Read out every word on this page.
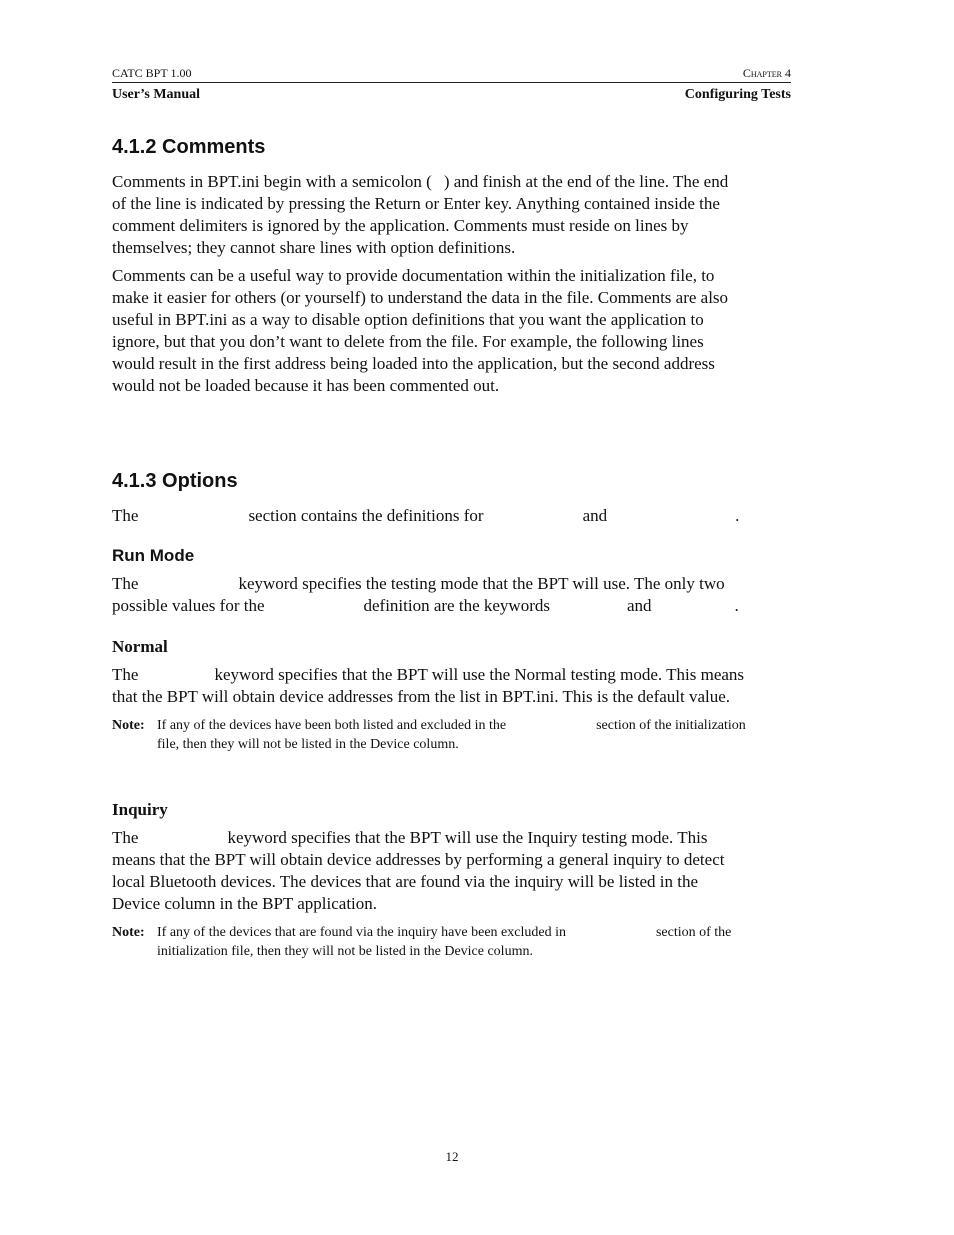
CATC BPT 1.00	Chapter 4
User’s Manual	Configuring Tests
4.1.2 Comments

Comments in BPT.ini begin with a semicolon ( ) and finish at the end of the line. The end
of the line is indicated by pressing the Return or Enter key. Anything contained inside the
comment delimiters is ignored by the application. Comments must reside on lines by
themselves; they cannot share lines with option definitions.

Comments can be a useful way to provide documentation within the initialization file, to
make it easier for others (or yourself) to understand the data in the file. Comments are also
useful in BPT.ini as a way to disable option definitions that you want the application to
ignore, but that you don’t want to delete from the file. For example, the following lines
would result in the first address being loaded into the application, but the second address
would not be loaded because it has been commented out.

4.1.3 Options

The	section contains the definitions for	and	.

Run Mode

The	keyword specifies the testing mode that the BPT will use. The only two
possible values for the	definition are the keywords	and	.

Normal

The	keyword specifies that the BPT will use the Normal testing mode. This means
that the BPT will obtain device addresses from the list in BPT.ini. This is the default value.

Note: If any of the devices have been both listed and excluded in the	section of the initialization
file, then they will not be listed in the Device column.
Inquiry

The	keyword specifies that the BPT will use the Inquiry testing mode. This
means that the BPT will obtain device addresses by performing a general inquiry to detect
local Bluetooth devices. The devices that are found via the inquiry will be listed in the
Device column in the BPT application.

Note: If any of the devices that are found via the inquiry have been excluded in	section of the
initialization file, then they will not be listed in the Device column.
12
